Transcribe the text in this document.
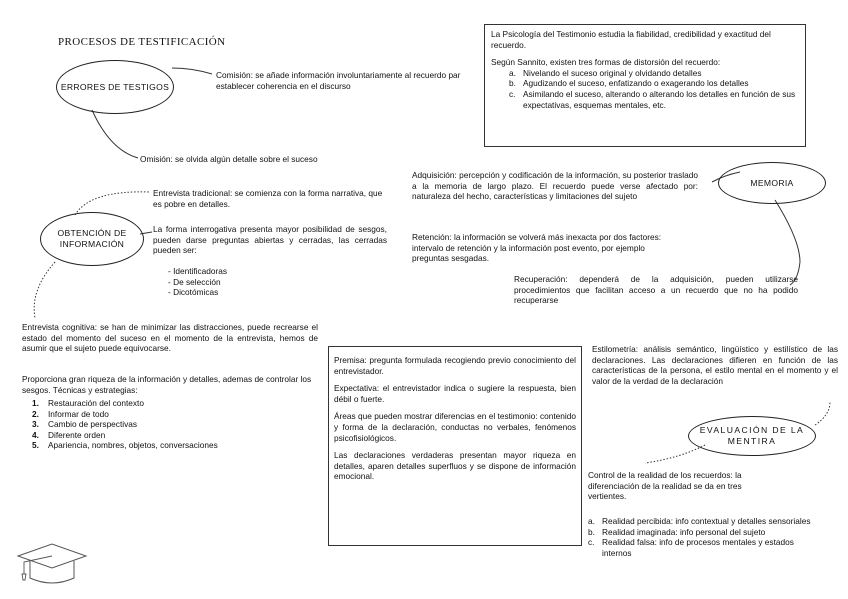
PROCESOS DE TESTIFICACIÓN
ERRORES DE TESTIGOS
Comisión: se añade información involuntariamente al recuerdo par establecer coherencia en el discurso
Omisión: se olvida algún detalle sobre el suceso

La Psicología del Testimonio estudia la fiabilidad, credibilidad y exactitud del recuerdo.

Según Sannito, existen tres formas de distorsión del recuerdo:

a. Nivelando el suceso original y olvidando detalles
b. Agudizando el suceso, enfatizando o exagerando los detalles
c. Asimilando el suceso, alterando o alterando los detalles en función de sus expectativas, esquemas mentales, etc.
MEMORIA
Adquisición: percepción y codificación de la información, su posterior traslado a la memoria de largo plazo. El recuerdo puede verse afectado por: naturaleza del hecho, características y limitaciones del sujeto
Retención: la información se volverá más inexacta por dos factores: intervalo de retención y la información post evento, por ejemplo preguntas sesgadas.
Recuperación: dependerá de la adquisición, pueden utilizarse procedimientos que facilitan acceso a un recuerdo que no ha podido recuperarse
OBTENCIÓN DE INFORMACIÓN
Entrevista tradicional: se comienza con la forma narrativa, que es pobre en detalles.
La forma interrogativa presenta mayor posibilidad de sesgos, pueden darse preguntas abiertas y cerradas, las cerradas pueden ser:
- Identificadoras
- De selección
- Dicotómicas
Entrevista cognitiva: se han de minimizar las distracciones, puede recrearse el estado del momento del suceso en el momento de la entrevista, hemos de asumir que el sujeto puede equivocarse.
Proporciona gran riqueza de la información y detalles, ademas de controlar los sesgos. Técnicas y estrategias:
1. Restauración del contexto
2. Informar de todo
3. Cambio de perspectivas
4. Diferente orden
5. Apariencia, nombres, objetos, conversaciones

Premisa: pregunta formulada recogiendo previo conocimiento del entrevistador.

Expectativa: el entrevistador indica o sugiere la respuesta, bien débil o fuerte.

Áreas que pueden mostrar diferencias en el testimonio: contenido y forma de la declaración, conductas no verbales, fenómenos psicofisiológicos.

Las declaraciones verdaderas presentan mayor riqueza en detalles, aparen detalles superfluos y se dispone de información emocional.

Estilometría: análisis semántico, lingüístico y estilístico de las declaraciones. Las declaraciones difieren en función de las características de la persona, el estilo mental en el momento y el valor de la verdad de la declaración
EVALUACIÓN DE LA MENTIRA
Control de la realidad de los recuerdos: la diferenciación de la realidad se da en tres vertientes.
a. Realidad percibida: info contextual y detalles sensoriales
b. Realidad imaginada: info personal del sujeto
c. Realidad falsa: info de procesos mentales y estados internos
